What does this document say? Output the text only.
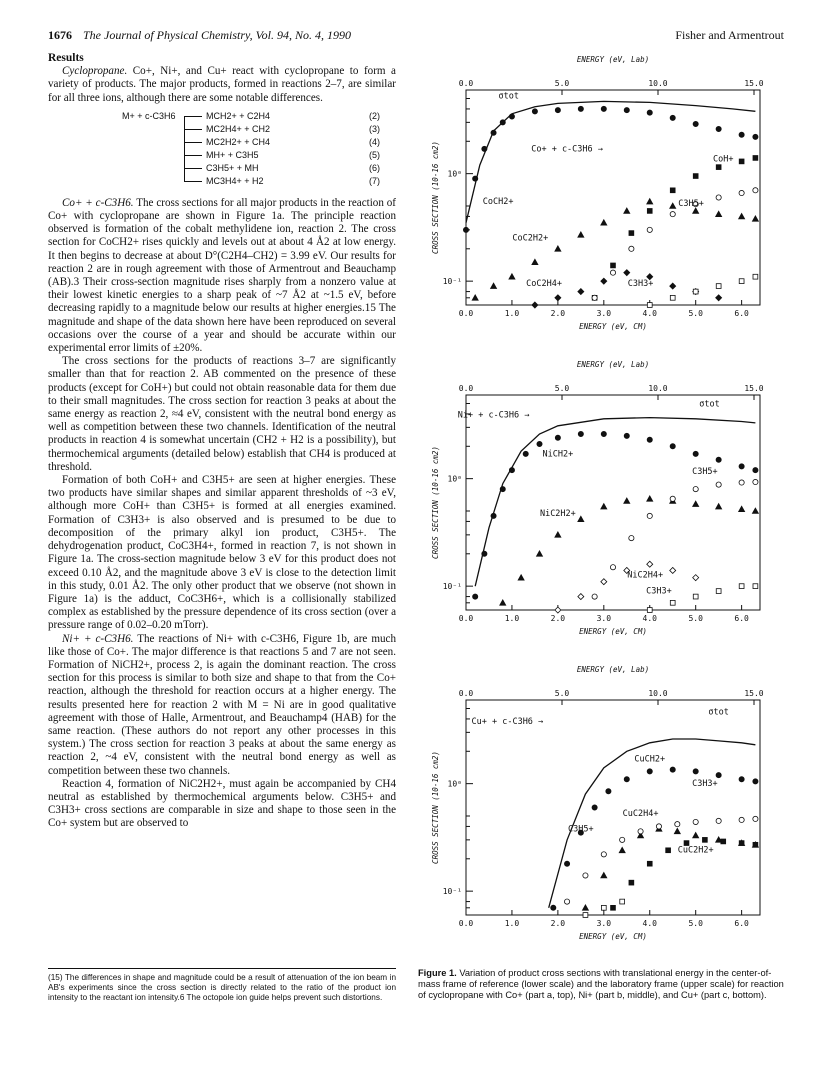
1676 The Journal of Physical Chemistry, Vol. 94, No. 4, 1990	Fisher and Armentrout
Results

Cyclopropane. Co+, Ni+, and Cu+ react with cyclopropane to form a variety of products. The major products, formed in reactions 2–7, are similar for all three ions, although there are some notable differences.

M+ + c-C3H6	MCH2+ + C2H4	(2)
MC2H4+ + CH2	(3)
MC2H2+ + CH4	(4)
MH+ + C3H5	(5)
C3H5+ + MH	(6)
MC3H4+ + H2	(7)

Co+ + c-C3H6. The cross sections for all major products in the reaction of Co+ with cyclopropane are shown in Figure 1a. The principle reaction observed is formation of the cobalt methylidene ion, reaction 2. The cross section for CoCH2+ rises quickly and levels out at about 4 Å2 at low energy. It then begins to decrease at about D°(C2H4–CH2) = 3.99 eV. Our results for reaction 2 are in rough agreement with those of Armentrout and Beauchamp (AB).3 Their cross-section magnitude rises sharply from a nonzero value at their lowest kinetic energies to a sharp peak of ~7 Å2 at ~1.5 eV, before decreasing rapidly to a magnitude below our results at higher energies.15 The magnitude and shape of the data shown here have been reproduced on several occasions over the course of a year and should be accurate within our experimental error limits of ±20%.

The cross sections for the products of reactions 3–7 are significantly smaller than that for reaction 2. AB commented on the presence of these products (except for CoH+) but could not obtain reasonable data for them due to their small magnitudes. The cross section for reaction 3 peaks at about the same energy as reaction 2, ≈4 eV, consistent with the neutral bond energy as well as competition between these two channels. Identification of the neutral products in reaction 4 is somewhat uncertain (CH2 + H2 is a possibility), but thermochemical arguments (detailed below) establish that CH4 is produced at threshold.

Formation of both CoH+ and C3H5+ are seen at higher energies. These two products have similar shapes and similar apparent thresholds of ~3 eV, although more CoH+ than C3H5+ is formed at all energies examined. Formation of C3H3+ is also observed and is presumed to be due to decomposition of the primary alkyl ion product, C3H5+. The dehydrogenation product, CoC3H4+, formed in reaction 7, is not shown in Figure 1a. The cross-section magnitude below 3 eV for this product does not exceed 0.10 Å2, and the magnitude above 3 eV is close to the detection limit in this study, 0.01 Å2. The only other product that we observe (not shown in Figure 1a) is the adduct, CoC3H6+, which is a collisionally stabilized complex as established by the pressure dependence of its cross section (over a pressure range of 0.02–0.20 mTorr).

Ni+ + c-C3H6. The reactions of Ni+ with c-C3H6, Figure 1b, are much like those of Co+. The major difference is that reactions 5 and 7 are not seen. Formation of NiCH2+, process 2, is again the dominant reaction. The cross section for this process is similar to both size and shape to that from the Co+ reaction, although the threshold for reaction occurs at a higher energy. The results presented here for reaction 2 with M = Ni are in good qualitative agreement with those of Halle, Armentrout, and Beauchamp4 (HAB) for the same reaction. (These authors do not report any other processes in this system.) The cross section for reaction 3 peaks at about the same energy as reaction 2, ~4 eV, consistent with the neutral bond energy as well as competition between these two channels.

Reaction 4, formation of NiC2H2+, must again be accompanied by CH4 neutral as established by thermochemical arguments below. C3H5+ and C3H3+ cross sections are comparable in size and shape to those seen in the Co+ system but are observed to

(15) The differences in shape and magnitude could be a result of attenuation of the ion beam in AB's experiments since the cross section is directly related to the ratio of the product ion intensity to the reactant ion intensity.6 The octopole ion guide helps prevent such distortions.
ENERGY (eV, Lab)
0.0	5.0	10.0	15.0
0.0	1.0	2.0	3.0	4.0	5.0	6.0
ENERGY (eV, CM)
10⁰
10⁻¹
CROSS SECTION (10-16 cm2)
σtot
Co+ + c-C3H6 →
CoH+
CoCH2+	C3H5+
CoC2H2+
CoC2H4+	C3H3+
ENERGY (eV, Lab)
0.0	5.0	10.0	15.0
0.0	1.0	2.0	3.0	4.0	5.0	6.0
ENERGY (eV, CM)
10⁰
10⁻¹
CROSS SECTION (10-16 cm2)
σtot
Ni+ + c-C3H6 →
NiCH2+
C3H5+
NiC2H2+
NiC2H4+
C3H3+
ENERGY (eV, Lab)
0.0	5.0	10.0	15.0
0.0	1.0	2.0	3.0	4.0	5.0	6.0
ENERGY (eV, CM)
10⁰
10⁻¹
CROSS SECTION (10-16 cm2)
σtot
Cu+ + c-C3H6 →
CuCH2+
C3H3+
CuC2H4+
C3H5+
CuC2H2+
Figure 1. Variation of product cross sections with translational energy in the center-of-mass frame of reference (lower scale) and the laboratory frame (upper scale) for reaction of cyclopropane with Co+ (part a, top), Ni+ (part b, middle), and Cu+ (part c, bottom).
